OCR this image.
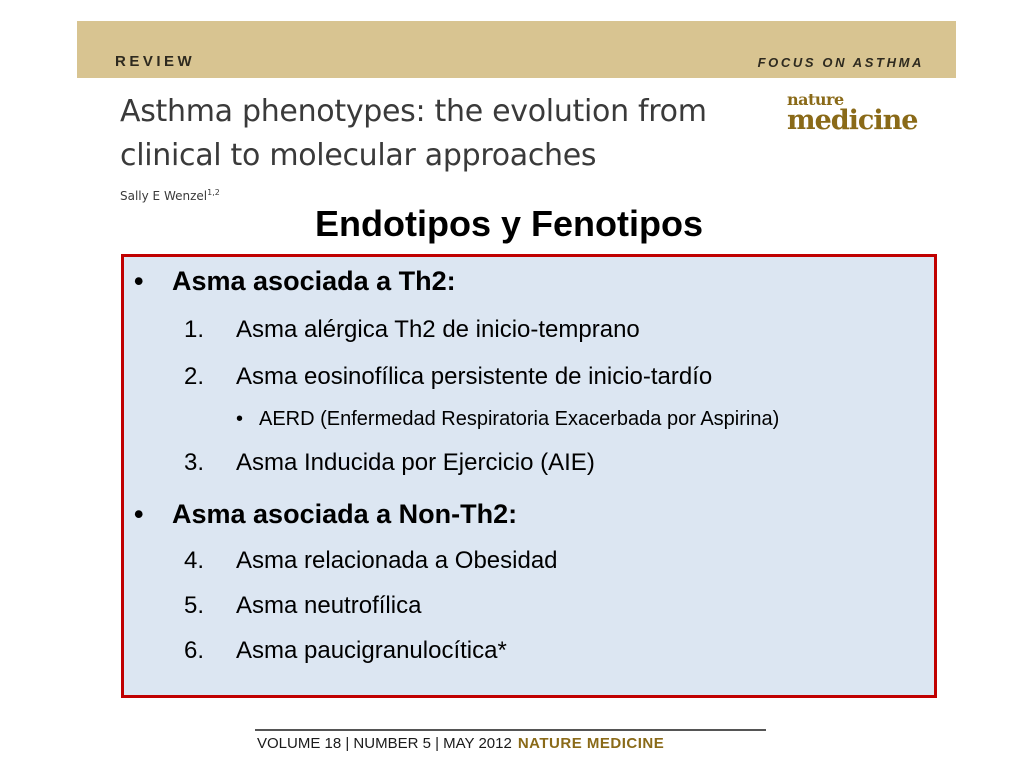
REVIEW	FOCUS ON ASTHMA
Asthma phenotypes: the evolution from
clinical to molecular approaches
nature
medicine
Sally E Wenzel$^{1,2}$
Endotipos y Fenotipos
• Asma asociada a Th2:
1. Asma alérgica Th2 de inicio-temprano
2. Asma eosinofílica persistente de inicio-tardío
• AERD (Enfermedad Respiratoria Exacerbada por Aspirina)
3. Asma Inducida por Ejercicio (AIE)
• Asma asociada a Non-Th2:
4. Asma relacionada a Obesidad
5. Asma neutrofílica
6. Asma paucigranulocítica*
VOLUME 18 | NUMBER 5 | MAY 2012 NATURE MEDICINE
